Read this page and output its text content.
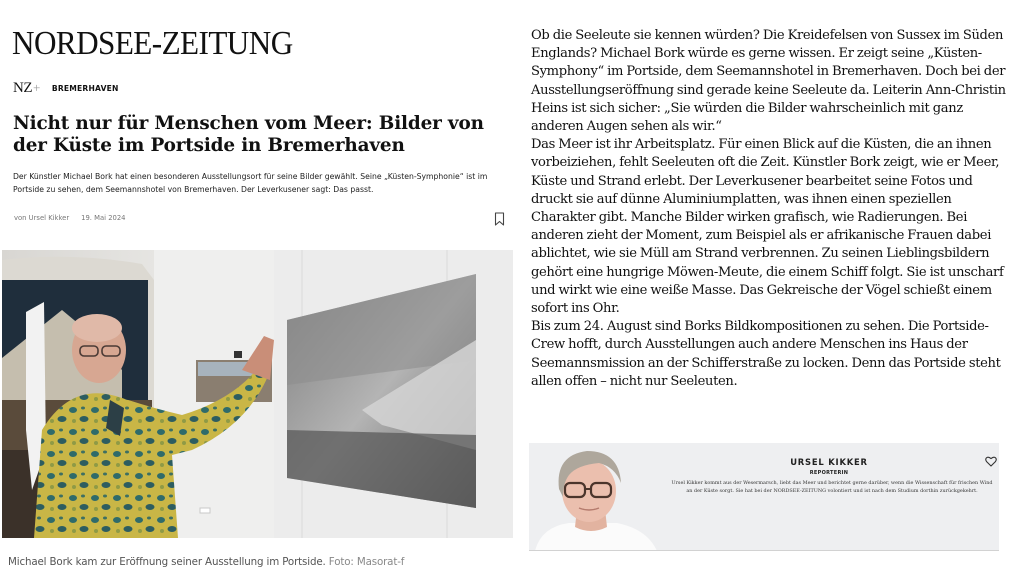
NORDSEE-ZEITUNG
NZ+ BREMERHAVEN
Nicht nur für Menschen vom Meer: Bilder von der Küste im Portside in Bremerhaven

Der Künstler Michael Bork hat einen besonderen Ausstellungsort für seine Bilder gewählt. Seine „Küsten-Symphonie“ ist im Portside zu sehen, dem Seemannshotel von Bremerhaven. Der Leverkusener sagt: Das passt.

von Ursel Kikker 19. Mai 2024
Michael Bork kam zur Eröffnung seiner Ausstellung im Portside. Foto: Masorat-f

Ob die Seeleute sie kennen würden? Die Kreidefelsen von Sussex im Süden Englands? Michael Bork würde es gerne wissen. Er zeigt seine „Küsten-Symphony“ im Portside, dem Seemannshotel in Bremerhaven. Doch bei der Ausstellungseröffnung sind gerade keine Seeleute da. Leiterin Ann-Christin Heins ist sich sicher: „Sie würden die Bilder wahrscheinlich mit ganz anderen Augen sehen als wir.“

Das Meer ist ihr Arbeitsplatz. Für einen Blick auf die Küsten, die an ihnen vorbeiziehen, fehlt Seeleuten oft die Zeit. Künstler Bork zeigt, wie er Meer, Küste und Strand erlebt. Der Leverkusener bearbeitet seine Fotos und druckt sie auf dünne Aluminiumplatten, was ihnen einen speziellen Charakter gibt. Manche Bilder wirken grafisch, wie Radierungen. Bei anderen zieht der Moment, zum Beispiel als er afrikanische Frauen dabei ablichtet, wie sie Müll am Strand verbrennen. Zu seinen Lieblingsbildern gehört eine hungrige Möwen-Meute, die einem Schiff folgt. Sie ist unscharf und wirkt wie eine weiße Masse. Das Gekreische der Vögel schießt einem sofort ins Ohr.

Bis zum 24. August sind Borks Bildkompositionen zu sehen. Die Portside-Crew hofft, durch Ausstellungen auch andere Menschen ins Haus der Seemannsmission an der Schifferstraße zu locken. Denn das Portside steht allen offen – nicht nur Seeleuten.

URSEL KIKKER
REPORTERIN

Ursel Kikker kommt aus der Wesermarsch, liebt das Meer und berichtet gerne darüber, wenn die Wissenschaft für frischen Wind an der Küste sorgt. Sie hat bei der NORDSEE-ZEITUNG volontiert und ist nach dem Studium dorthin zurückgekehrt.
